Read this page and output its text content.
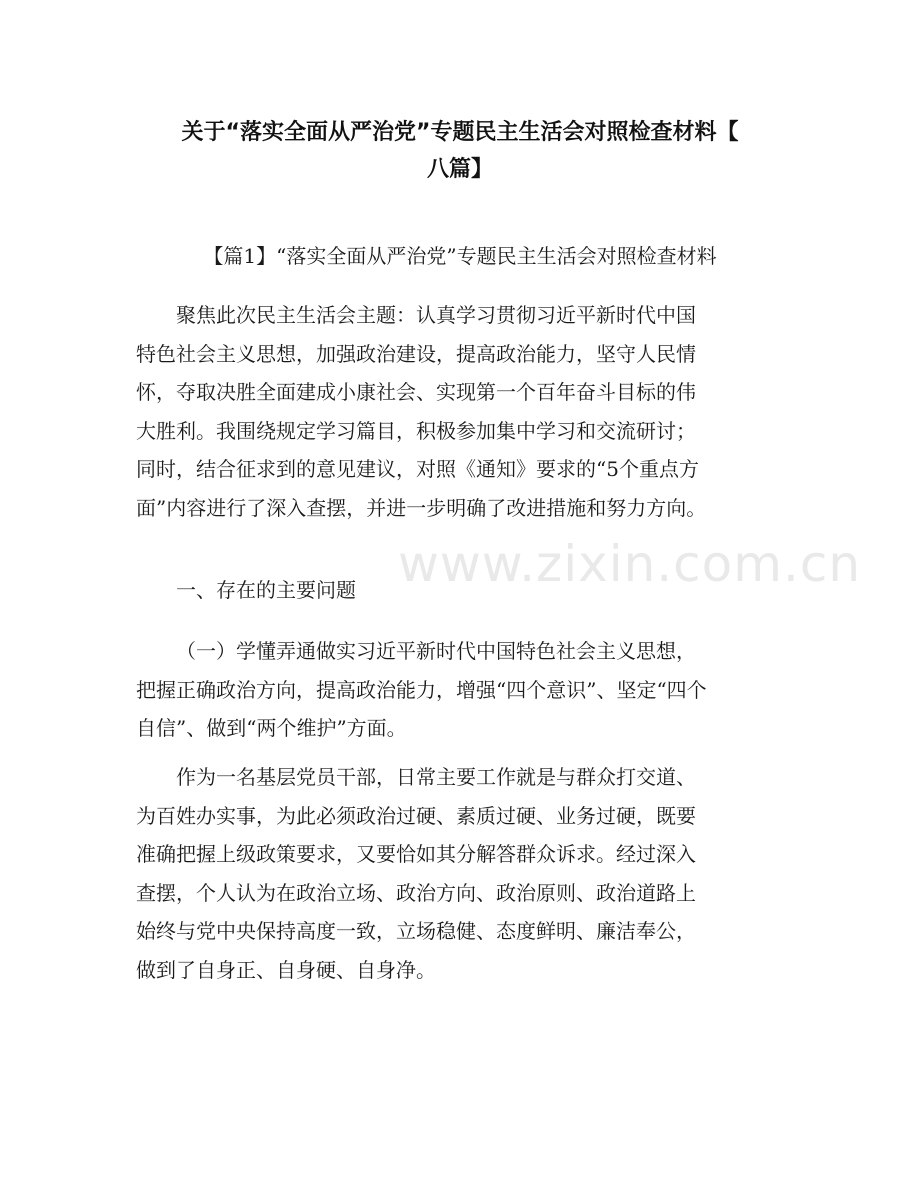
www.zixin.com.cn
关于“落实全面从严治党”专题民主生活会对照检查材料【
八篇】
【篇1】“落实全面从严治党”专题民主生活会对照检查材料
聚焦此次民主生活会主题：认真学习贯彻习近平新时代中国
特色社会主义思想，加强政治建设，提高政治能力，坚守人民情
怀，夺取决胜全面建成小康社会、实现第一个百年奋斗目标的伟
大胜利。我围绕规定学习篇目，积极参加集中学习和交流研讨；
同时，结合征求到的意见建议，对照《通知》要求的“5个重点方
面”内容进行了深入查摆，并进一步明确了改进措施和努力方向。
一、存在的主要问题
（一）学懂弄通做实习近平新时代中国特色社会主义思想，
把握正确政治方向，提高政治能力，增强“四个意识”、坚定“四个
自信”、做到“两个维护”方面。
作为一名基层党员干部，日常主要工作就是与群众打交道、
为百姓办实事，为此必须政治过硬、素质过硬、业务过硬，既要
准确把握上级政策要求，又要恰如其分解答群众诉求。经过深入
查摆，个人认为在政治立场、政治方向、政治原则、政治道路上
始终与党中央保持高度一致，立场稳健、态度鲜明、廉洁奉公，
做到了自身正、自身硬、自身净。
